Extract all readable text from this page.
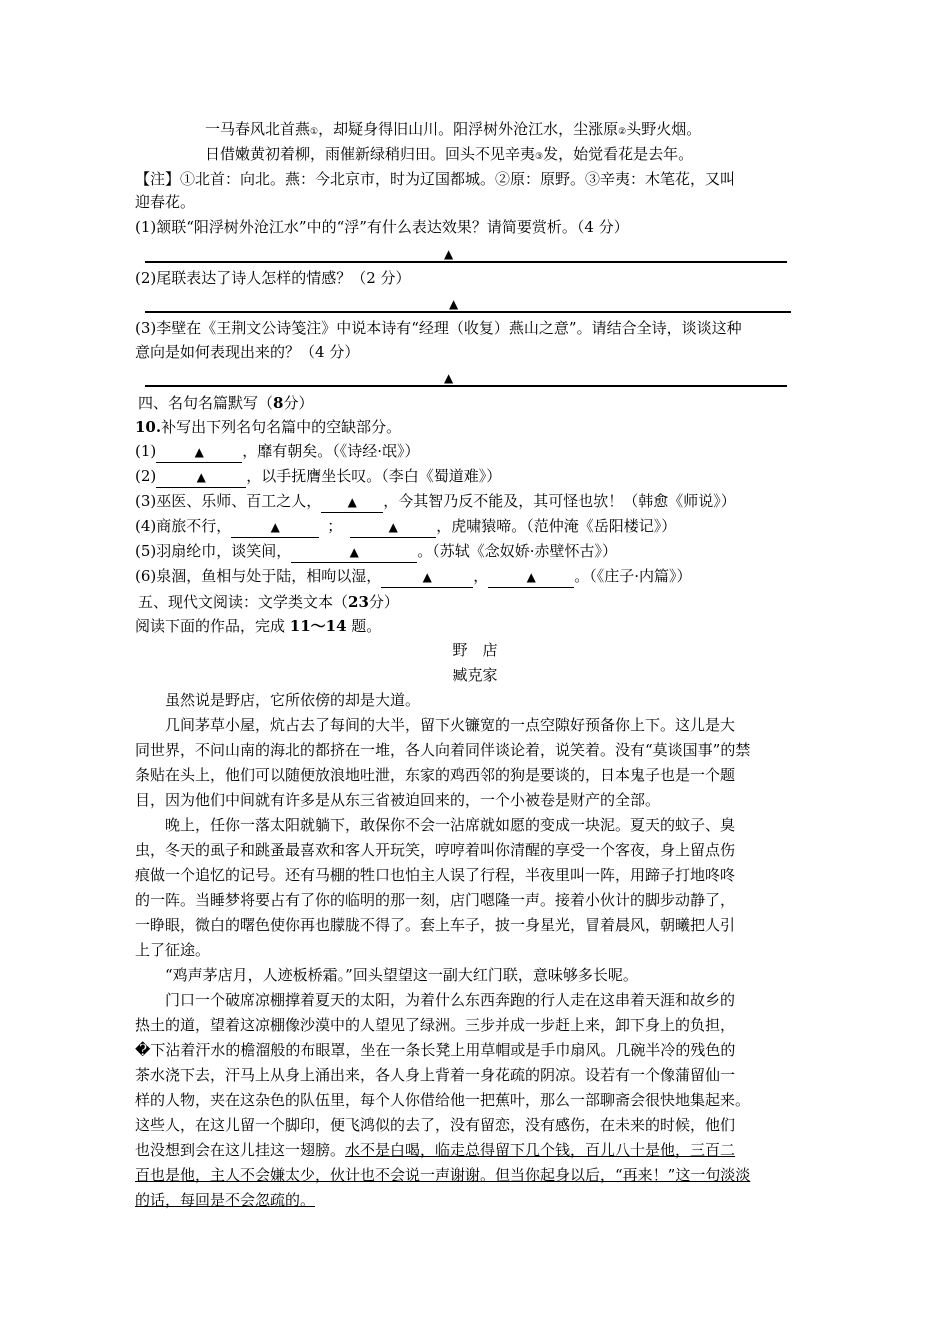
一马春风北首燕①，却疑身得旧山川。阳浮树外沧江水，尘涨原②头野火烟。
日借嫩黄初着柳，雨催新绿稍归田。回头不见辛夷③发，始觉看花是去年。
【注】①北首：向北。燕：今北京市，时为辽国都城。②原：原野。③辛夷：木笔花，又叫
迎春花。
(1)颔联“阳浮树外沧江水”中的“浮”有什么表达效果？请简要赏析。（4 分）
▲
(2)尾联表达了诗人怎样的情感？（2 分）
▲
(3)李壁在《王荆文公诗笺注》中说本诗有“经理（收复）燕山之意”。请结合全诗，谈谈这种
意向是如何表现出来的？（4 分）
▲
四、名句名篇默写（8分）
10.补写出下列名句名篇中的空缺部分。
(1)	▲	，靡有朝矣。（《诗经·氓》）
(2)	▲	，以手抚膺坐长叹。（李白《蜀道难》）
(3)巫医、乐师、百工之人， ▲ ，今其智乃反不能及，其可怪也欤！（韩愈《师说》）
(4)商旅不行，	▲	；	▲	，虎啸猿啼。（范仲淹《岳阳楼记》）
(5)羽扇纶巾，谈笑间，	▲	。（苏轼《念奴娇·赤壁怀古》）
(6)泉涸，鱼相与处于陆，相呴以湿，	▲	，	▲	。（《庄子·内篇》）
五、现代文阅读：文学类文本（23分）
阅读下面的作品，完成 11～14 题。
野　店
臧克家
虽然说是野店，它所依傍的却是大道。
几间茅草小屋，炕占去了每间的大半，留下火镰宽的一点空隙好预备你上下。这儿是大
同世界，不问山南的海北的都挤在一堆，各人向着同伴谈论着，说笑着。没有“莫谈国事”的禁
条贴在头上，他们可以随便放浪地吐泄，东家的鸡西邻的狗是要谈的，日本鬼子也是一个题
目，因为他们中间就有许多是从东三省被迫回来的，一个小被卷是财产的全部。
晚上，任你一落太阳就躺下，敢保你不会一沾席就如愿的变成一块泥。夏天的蚊子、臭
虫，冬天的虱子和跳蚤最喜欢和客人开玩笑，哼哼着叫你清醒的享受一个客夜，身上留点伤
痕做一个追忆的记号。还有马棚的牲口也怕主人误了行程，半夜里叫一阵，用蹄子打地咚咚
的一阵。当睡梦将要占有了你的临明的那一刻，店门嗯隆一声。接着小伙计的脚步动静了，
一睁眼，微白的曙色使你再也朦胧不得了。套上车子，披一身星光，冒着晨风，朝曦把人引
上了征途。
“鸡声茅店月，人迹板桥霜。”回头望望这一副大红门联，意味够多长呢。
门口一个破席凉棚撑着夏天的太阳，为着什么东西奔跑的行人走在这串着天涯和故乡的
热土的道，望着这凉棚像沙漠中的人望见了绿洲。三步并成一步赶上来，卸下身上的负担，
�下沾着汗水的檐溜般的布眼罩，坐在一条长凳上用草帽或是手巾扇风。几碗半冷的残色的
茶水浇下去，汗马上从身上涌出来，各人身上背着一身花疏的阴凉。设若有一个像蒲留仙一
样的人物，夹在这杂色的队伍里，每个人你借给他一把蕉叶，那么一部聊斋会很快地集起来。
这些人，在这儿留一个脚印，便飞鸿似的去了，没有留恋，没有感伤，在未来的时候，他们
也没想到会在这儿挂这一翅膀。水不是白喝，临走总得留下几个钱，百儿八十是他，三百二
百也是他，主人不会嫌太少，伙计也不会说一声谢谢。但当你起身以后，“再来！”这一句淡淡
的话，每回是不会忽疏的。
